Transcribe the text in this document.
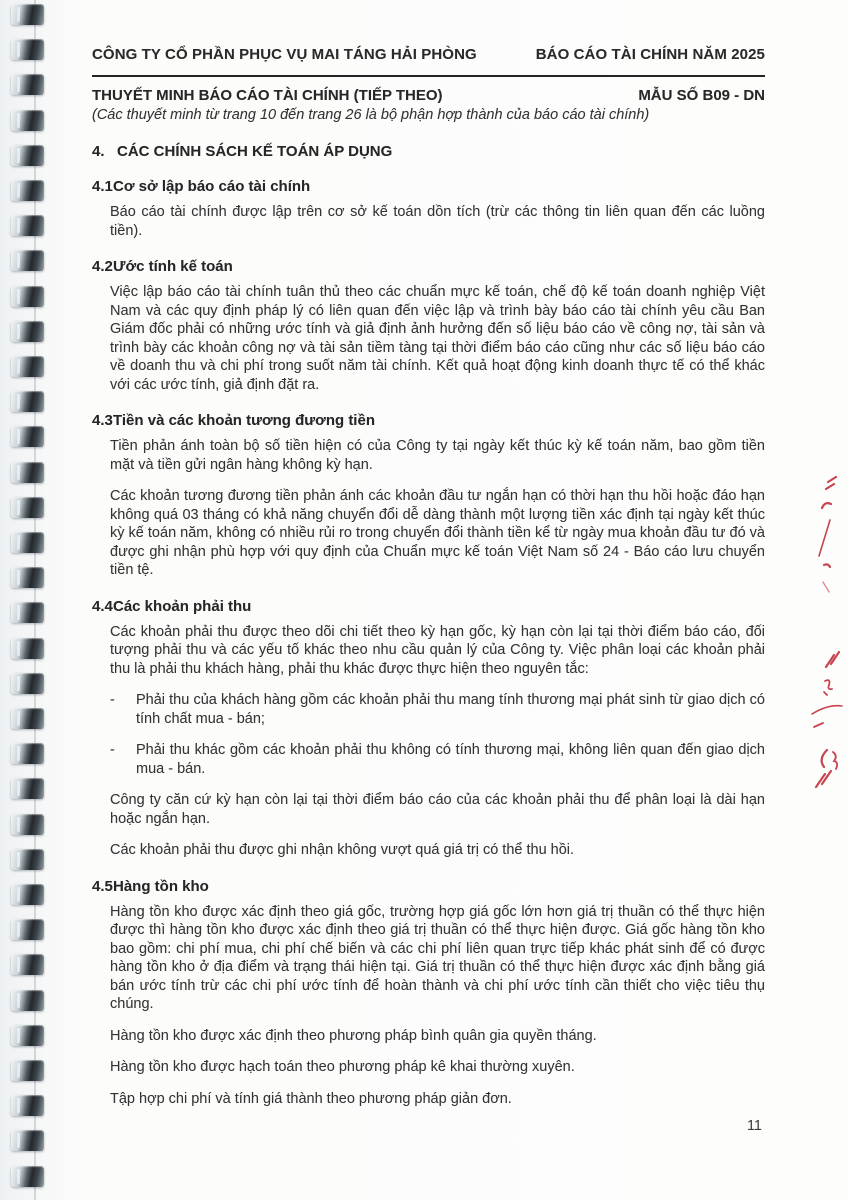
CÔNG TY CỔ PHẦN PHỤC VỤ MAI TÁNG HẢI PHÒNG	BÁO CÁO TÀI CHÍNH NĂM 2025
THUYẾT MINH BÁO CÁO TÀI CHÍNH (TIẾP THEO)	MẪU SỐ B09 - DN
(Các thuyết minh từ trang 10 đến trang 26 là bộ phận hợp thành của báo cáo tài chính)
4. CÁC CHÍNH SÁCH KẾ TOÁN ÁP DỤNG
4.1 Cơ sở lập báo cáo tài chính

Báo cáo tài chính được lập trên cơ sở kế toán dồn tích (trừ các thông tin liên quan đến các luồng tiền).

4.2 Ước tính kế toán

Việc lập báo cáo tài chính tuân thủ theo các chuẩn mực kế toán, chế độ kế toán doanh nghiệp Việt Nam và các quy định pháp lý có liên quan đến việc lập và trình bày báo cáo tài chính yêu cầu Ban Giám đốc phải có những ước tính và giả định ảnh hưởng đến số liệu báo cáo về công nợ, tài sản và trình bày các khoản công nợ và tài sản tiềm tàng tại thời điểm báo cáo cũng như các số liệu báo cáo về doanh thu và chi phí trong suốt năm tài chính. Kết quả hoạt động kinh doanh thực tế có thể khác với các ước tính, giả định đặt ra.

4.3 Tiền và các khoản tương đương tiền

Tiền phản ánh toàn bộ số tiền hiện có của Công ty tại ngày kết thúc kỳ kế toán năm, bao gồm tiền mặt và tiền gửi ngân hàng không kỳ hạn.

Các khoản tương đương tiền phản ánh các khoản đầu tư ngắn hạn có thời hạn thu hồi hoặc đáo hạn không quá 03 tháng có khả năng chuyển đổi dễ dàng thành một lượng tiền xác định tại ngày kết thúc kỳ kế toán năm, không có nhiều rủi ro trong chuyển đổi thành tiền kể từ ngày mua khoản đầu tư đó và được ghi nhận phù hợp với quy định của Chuẩn mực kế toán Việt Nam số 24 - Báo cáo lưu chuyển tiền tệ.

4.4 Các khoản phải thu

Các khoản phải thu được theo dõi chi tiết theo kỳ hạn gốc, kỳ hạn còn lại tại thời điểm báo cáo, đối tượng phải thu và các yếu tố khác theo nhu cầu quản lý của Công ty. Việc phân loại các khoản phải thu là phải thu khách hàng, phải thu khác được thực hiện theo nguyên tắc:

-	Phải thu của khách hàng gồm các khoản phải thu mang tính thương mại phát sinh từ giao dịch có tính chất mua - bán;
-	Phải thu khác gồm các khoản phải thu không có tính thương mại, không liên quan đến giao dịch mua - bán.

Công ty căn cứ kỳ hạn còn lại tại thời điểm báo cáo của các khoản phải thu để phân loại là dài hạn hoặc ngắn hạn.

Các khoản phải thu được ghi nhận không vượt quá giá trị có thể thu hồi.

4.5 Hàng tồn kho

Hàng tồn kho được xác định theo giá gốc, trường hợp giá gốc lớn hơn giá trị thuần có thể thực hiện được thì hàng tồn kho được xác định theo giá trị thuần có thể thực hiện được. Giá gốc hàng tồn kho bao gồm: chi phí mua, chi phí chế biến và các chi phí liên quan trực tiếp khác phát sinh để có được hàng tồn kho ở địa điểm và trạng thái hiện tại. Giá trị thuần có thể thực hiện được xác định bằng giá bán ước tính trừ các chi phí ước tính để hoàn thành và chi phí ước tính cần thiết cho việc tiêu thụ chúng.

Hàng tồn kho được xác định theo phương pháp bình quân gia quyền tháng.

Hàng tồn kho được hạch toán theo phương pháp kê khai thường xuyên.

Tập hợp chi phí và tính giá thành theo phương pháp giản đơn.

11
